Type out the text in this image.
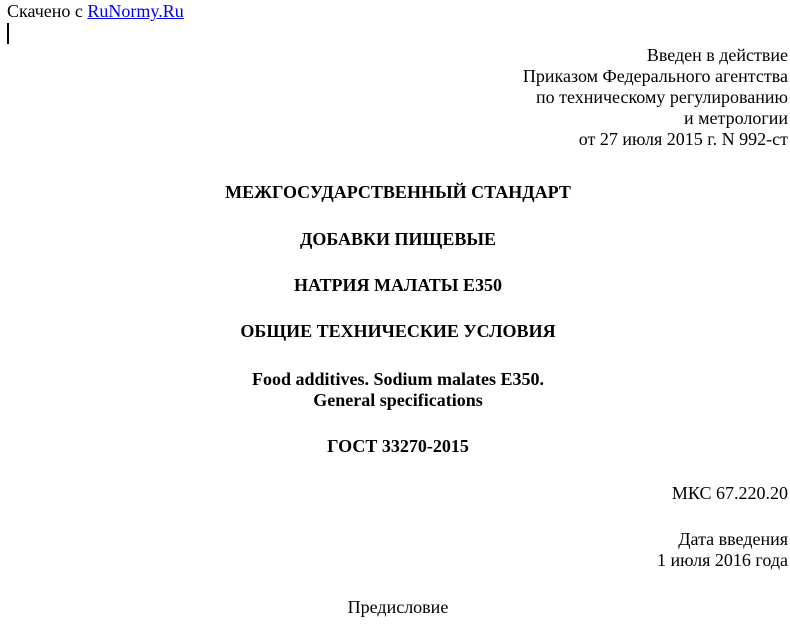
Скачено с RuNormy.Ru
Введен в действие
Приказом Федерального агентства
по техническому регулированию
и метрологии
от 27 июля 2015 г. N 992-ст
МЕЖГОСУДАРСТВЕННЫЙ СТАНДАРТ
ДОБАВКИ ПИЩЕВЫЕ
НАТРИЯ МАЛАТЫ E350
ОБЩИЕ ТЕХНИЧЕСКИЕ УСЛОВИЯ
Food additives. Sodium malates E350.
General specifications
ГОСТ 33270-2015
МКС 67.220.20
Дата введения
1 июля 2016 года
Предисловие
